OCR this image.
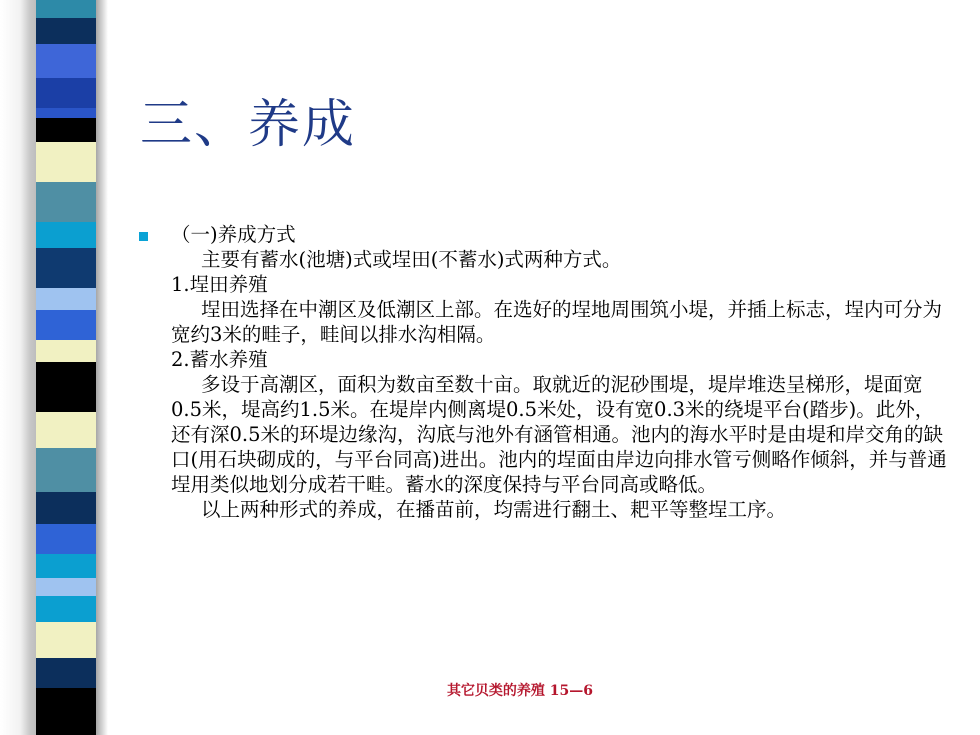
三、养成
（一)养成方式
主要有蓄水(池塘)式或埕田(不蓄水)式两种方式。
1.埕田养殖
埕田选择在中潮区及低潮区上部。在选好的埕地周围筑小堤，并插上标志，埕内可分为宽约3米的畦子，畦间以排水沟相隔。
2.蓄水养殖
多设于高潮区，面积为数亩至数十亩。取就近的泥砂围堤，堤岸堆迭呈梯形，堤面宽0.5米，堤高约1.5米。在堤岸内侧离堤0.5米处，设有宽0.3米的绕堤平台(踏步)。此外，还有深0.5米的环堤边缘沟，沟底与池外有涵管相通。池内的海水平时是由堤和岸交角的缺口(用石块砌成的，与平台同高)进出。池内的埕面由岸边向排水管亏侧略作倾斜，并与普通埕用类似地划分成若干畦。蓄水的深度保持与平台同高或略低。
以上两种形式的养成，在播苗前，均需进行翻土、耙平等整埕工序。
其它贝类的养殖 15—6
